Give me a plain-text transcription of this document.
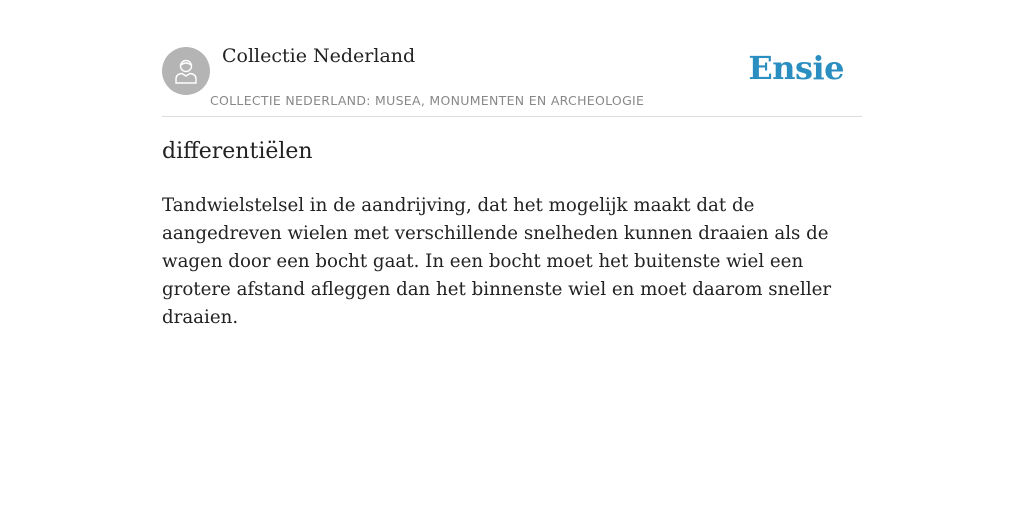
Collectie Nederland
COLLECTIE NEDERLAND: MUSEA, MONUMENTEN EN ARCHEOLOGIE
Ensie
differentiëlen

Tandwielstelsel in de aandrijving, dat het mogelijk maakt dat de aangedreven wielen met verschillende snelheden kunnen draaien als de wagen door een bocht gaat. In een bocht moet het buitenste wiel een grotere afstand afleggen dan het binnenste wiel en moet daarom sneller draaien.
